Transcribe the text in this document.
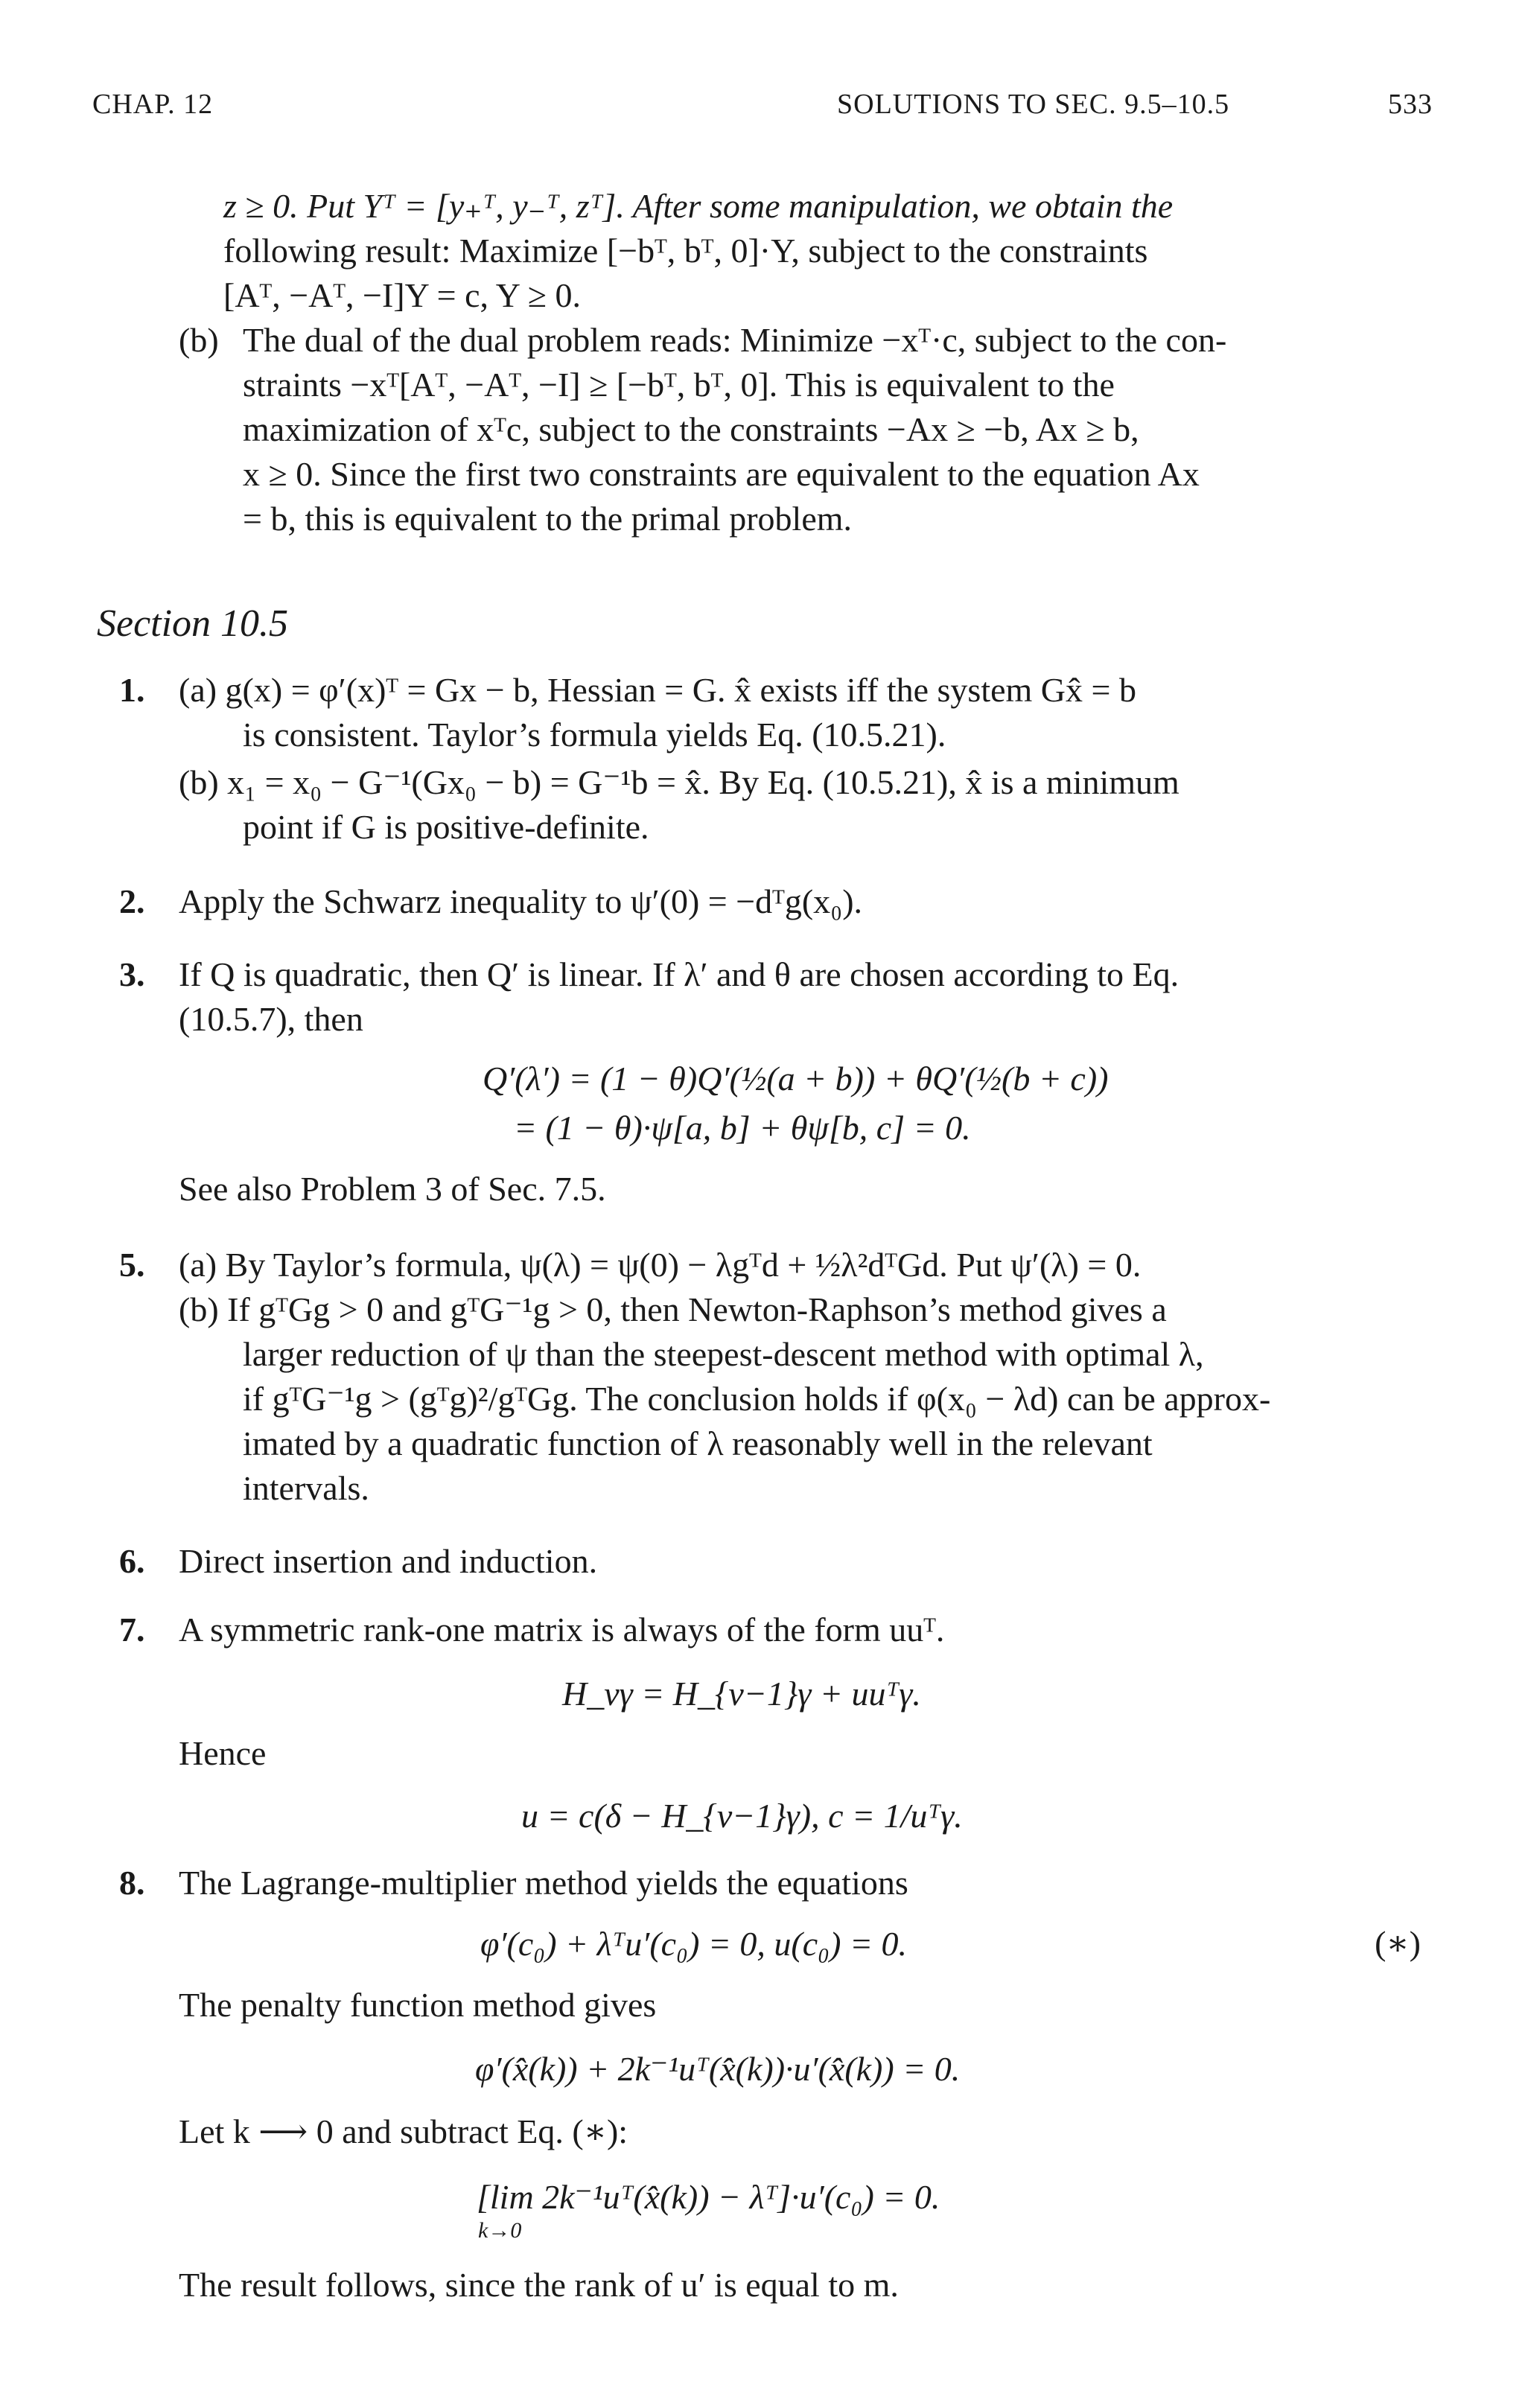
CHAP. 12	SOLUTIONS TO SEC. 9.5–10.5	533
z ≥ 0. Put Yᵀ = [y₊ᵀ, y₋ᵀ, zᵀ]. After some manipulation, we obtain the
following result: Maximize [−bᵀ, bᵀ, 0]·Y, subject to the constraints
[Aᵀ, −Aᵀ, −I]Y = c, Y ≥ 0.
(b) The dual of the dual problem reads: Minimize −xᵀ·c, subject to the con-
straints −xᵀ[Aᵀ, −Aᵀ, −I] ≥ [−bᵀ, bᵀ, 0]. This is equivalent to the
maximization of xᵀc, subject to the constraints −Ax ≥ −b, Ax ≥ b,
x ≥ 0. Since the first two constraints are equivalent to the equation Ax
= b, this is equivalent to the primal problem.
Section 10.5
1. (a) g(x) = φ′(x)ᵀ = Gx − b, Hessian = G. x̂ exists iff the system Gx̂ = b
is consistent. Taylor’s formula yields Eq. (10.5.21).
(b) x₁ = x₀ − G⁻¹(Gx₀ − b) = G⁻¹b = x̂. By Eq. (10.5.21), x̂ is a minimum
point if G is positive-definite.
2. Apply the Schwarz inequality to ψ′(0) = −dᵀg(x₀).
3. If Q is quadratic, then Q′ is linear. If λ′ and θ are chosen according to Eq.
(10.5.7), then
Q′(λ′) = (1 − θ)Q′(½(a + b)) + θQ′(½(b + c))
= (1 − θ)·ψ[a, b] + θψ[b, c] = 0.
See also Problem 3 of Sec. 7.5.
5. (a) By Taylor’s formula, ψ(λ) = ψ(0) − λgᵀd + ½λ²dᵀGd. Put ψ′(λ) = 0.
(b) If gᵀGg > 0 and gᵀG⁻¹g > 0, then Newton-Raphson’s method gives a
larger reduction of ψ than the steepest-descent method with optimal λ,
if gᵀG⁻¹g > (gᵀg)²/gᵀGg. The conclusion holds if φ(x₀ − λd) can be approx-
imated by a quadratic function of λ reasonably well in the relevant
intervals.
6. Direct insertion and induction.
7. A symmetric rank-one matrix is always of the form uuᵀ.
H_νγ = H_{ν−1}γ + uuᵀγ.
Hence
u = c(δ − H_{ν−1}γ), c = 1/uᵀγ.
8. The Lagrange-multiplier method yields the equations
φ′(c₀) + λᵀu′(c₀) = 0, u(c₀) = 0.	(∗)
The penalty function method gives
φ′(x̂(k)) + 2k⁻¹uᵀ(x̂(k))·u′(x̂(k)) = 0.
Let k ⟶ 0 and subtract Eq. (∗):
[lim 2k⁻¹uᵀ(x̂(k)) − λᵀ]·u′(c₀) = 0.
k→0
The result follows, since the rank of u′ is equal to m.
